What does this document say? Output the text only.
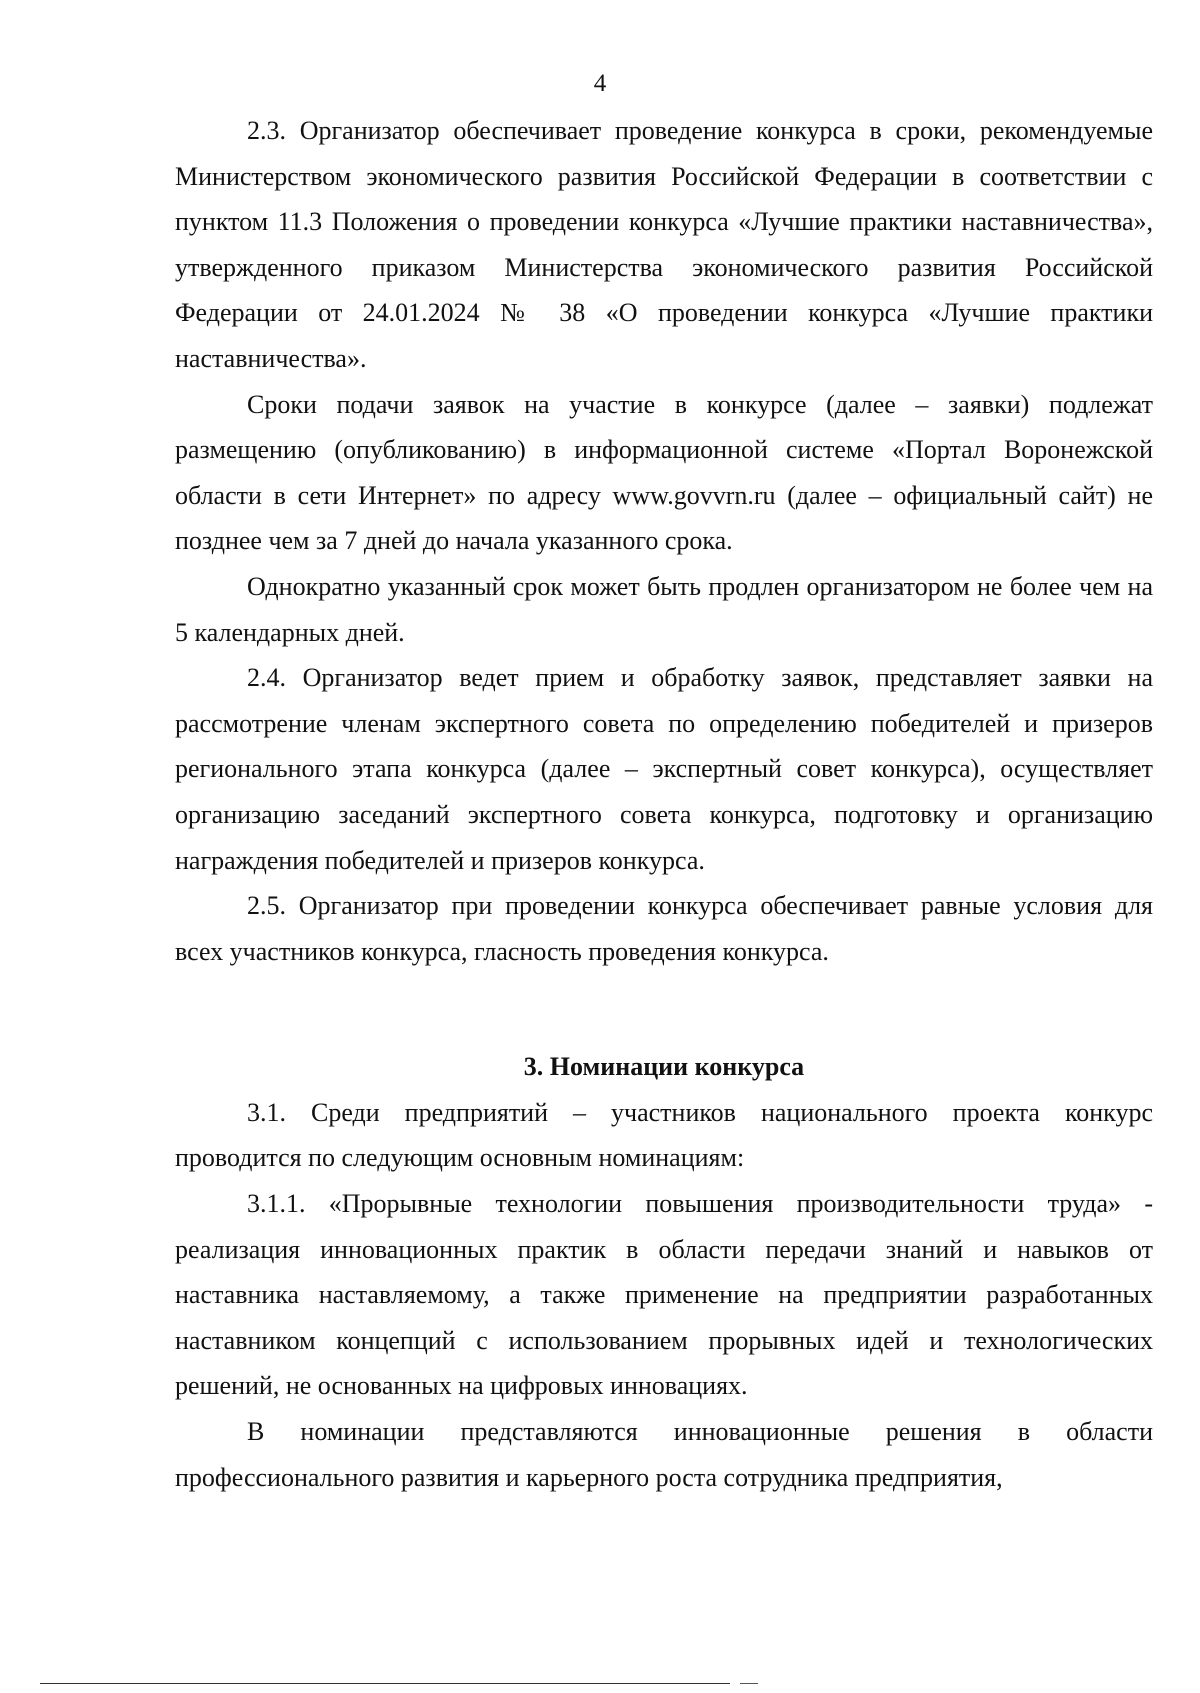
4

2.3. Организатор обеспечивает проведение конкурса в сроки, рекомендуемые Министерством экономического развития Российской Федерации в соответствии с пунктом 11.3 Положения о проведении конкурса «Лучшие практики наставничества», утвержденного приказом Министерства экономического развития Российской Федерации от 24.01.2024 № 38 «О проведении конкурса «Лучшие практики наставничества».

Сроки подачи заявок на участие в конкурсе (далее – заявки) подлежат размещению (опубликованию) в информационной системе «Портал Воронежской области в сети Интернет» по адресу www.govvrn.ru (далее – официальный сайт) не позднее чем за 7 дней до начала указанного срока.

Однократно указанный срок может быть продлен организатором не более чем на 5 календарных дней.

2.4. Организатор ведет прием и обработку заявок, представляет заявки на рассмотрение членам экспертного совета по определению победителей и призеров регионального этапа конкурса (далее – экспертный совет конкурса), осуществляет организацию заседаний экспертного совета конкурса, подготовку и организацию награждения победителей и призеров конкурса.

2.5. Организатор при проведении конкурса обеспечивает равные условия для всех участников конкурса, гласность проведения конкурса.

3. Номинации конкурса

3.1. Среди предприятий – участников национального проекта конкурс проводится по следующим основным номинациям:

3.1.1. «Прорывные технологии повышения производительности труда» - реализация инновационных практик в области передачи знаний и навыков от наставника наставляемому, а также применение на предприятии разработанных наставником концепций с использованием прорывных идей и технологических решений, не основанных на цифровых инновациях.

В номинации представляются инновационные решения в области профессионального развития и карьерного роста сотрудника предприятия,
